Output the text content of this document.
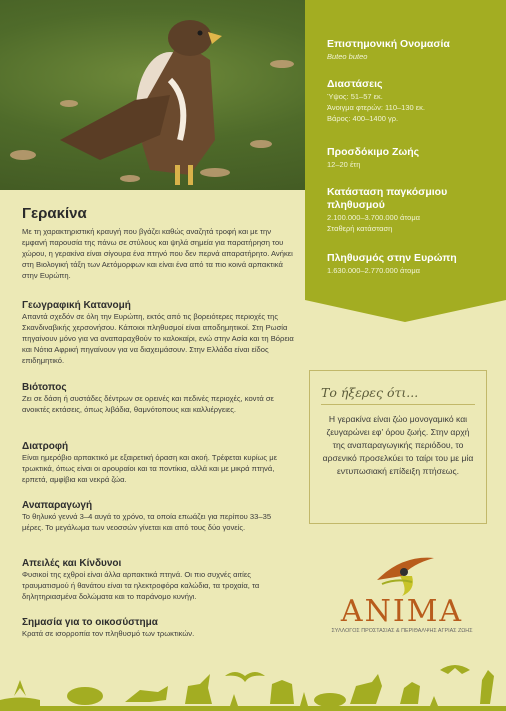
Επιστημονική Ονομασία

Buteo buteo

Διαστάσεις

Ύψος: 51–57 εκ.

Άνοιγμα φτερών: 110–130 εκ.

Βάρος: 400–1400 γρ.

Προσδόκιμο Ζωής

12–20 έτη

Κατάσταση παγκόσμιου πληθυσμού

2.100.000–3.700.000 άτομα

Σταθερή κατάσταση

Πληθυσμός στην Ευρώπη

1.630.000–2.770.000 άτομα

Γερακίνα

Με τη χαρακτηριστική κραυγή που βγάζει καθώς αναζητά τροφή και με την εμφανή παρουσία της πάνω σε στύλους και ψηλά σημεία για παρατήρηση του χώρου, η γερακίνα είναι σίγουρα ένα πτηνό που δεν περνά απαρατήρητο. Ανήκει στη Βιολογική τάξη των Αετόμορφων και είναι ένα από τα πιο κοινά αρπακτικά στην Ευρώπη.

Γεωγραφική Κατανομή

Απαντά σχεδόν σε όλη την Ευρώπη, εκτός από τις βορειότερες περιοχές της Σκανδιναβικής χερσονήσου. Κάποιοι πληθυσμοί είναι αποδημητικοί. Στη Ρωσία πηγαίνουν μόνο για να αναπαραχθούν το καλοκαίρι, ενώ στην Ασία και τη Βόρεια και Νότια Αφρική πηγαίνουν για να διαχειμάσουν. Στην Ελλάδα είναι είδος επιδημητικό.

Βιότοπος

Ζει σε δάση ή συστάδες δέντρων σε ορεινές και πεδινές περιοχές, κοντά σε ανοικτές εκτάσεις, όπως λιβάδια, θαμνότοπους και καλλιέργειες.

Διατροφή

Είναι ημερόβιο αρπακτικό με εξαιρετική όραση και ακοή. Τρέφεται κυρίως με τρωκτικά, όπως είναι οι αρουραίοι και τα ποντίκια, αλλά και με μικρά πτηνά, ερπετά, αμφίβια και νεκρά ζώα.

Αναπαραγωγή

Το θηλυκό γεννά 3–4 αυγά το χρόνο, τα οποία επωάζει για περίπου 33–35 μέρες. Το μεγάλωμα των νεοσσών γίνεται και από τους δύο γονείς.

Απειλές και Κίνδυνοι

Φυσικοί της εχθροί είναι άλλα αρπακτικά πτηνά. Οι πιο συχνές αιτίες τραυματισμού ή θανάτου είναι τα ηλεκτροφόρα καλώδια, τα τροχαία, τα δηλητηριασμένα δολώματα και το παράνομο κυνήγι.

Σημασία για το οικοσύστημα

Κρατά σε ισορροπία τον πληθυσμό των τρωκτικών.

Το ήξερες ότι...

Η γερακίνα είναι ζώο μονογαμικό και ζευγαρώνει εφ' όρου ζωής. Στην αρχή της αναπαραγωγικής περιόδου, το αρσενικό προσελκύει το ταίρι του με μία εντυπωσιακή επίδειξη πτήσεως.

ANIMA

ΣΥΛΛΟΓΟΣ ΠΡΟΣΤΑΣΙΑΣ & ΠΕΡΙΘΑΛΨΗΣ ΑΓΡΙΑΣ ΖΩΗΣ
